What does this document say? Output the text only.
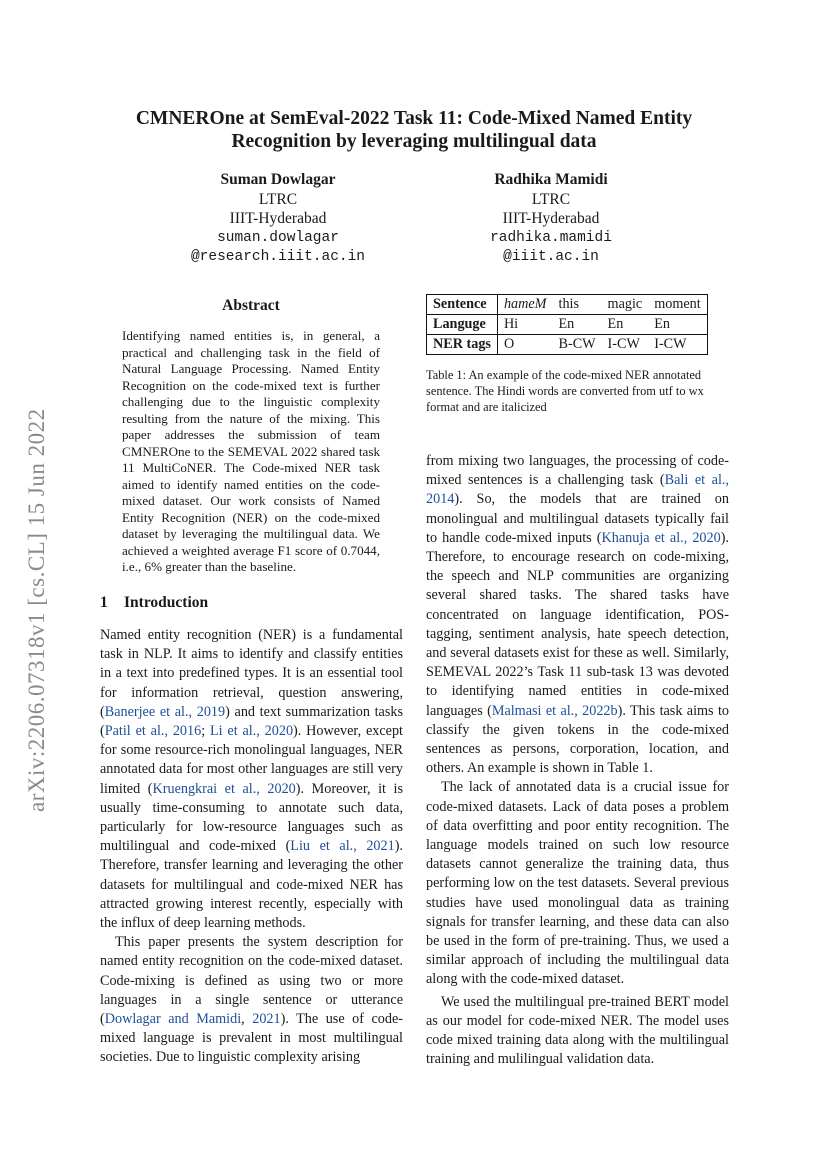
arXiv:2206.07318v1 [cs.CL] 15 Jun 2022
CMNEROne at SemEval-2022 Task 11: Code-Mixed Named Entity
Recognition by leveraging multilingual data
Suman Dowlagar
LTRC
IIIT-Hyderabad
suman.dowlagar
@research.iiit.ac.in
Radhika Mamidi
LTRC
IIIT-Hyderabad
radhika.mamidi
@iiit.ac.in
Abstract
Identifying named entities is, in general, a practical and challenging task in the field of Natural Language Processing. Named Entity Recognition on the code-mixed text is further challenging due to the linguistic complexity resulting from the nature of the mixing. This paper addresses the submission of team CMNEROne to the SEMEVAL 2022 shared task 11 MultiCoNER. The Code-mixed NER task aimed to identify named entities on the code-mixed dataset. Our work consists of Named Entity Recognition (NER) on the code-mixed dataset by leveraging the multilingual data. We achieved a weighted average F1 score of 0.7044, i.e., 6% greater than the baseline.
1 Introduction

Named entity recognition (NER) is a fundamental task in NLP. It aims to identify and classify entities in a text into predefined types. It is an essential tool for information retrieval, question answering, (Banerjee et al., 2019) and text summarization tasks (Patil et al., 2016; Li et al., 2020). However, except for some resource-rich monolingual languages, NER annotated data for most other languages are still very limited (Kruengkrai et al., 2020). Moreover, it is usually time-consuming to annotate such data, particularly for low-resource languages such as multilingual and code-mixed (Liu et al., 2021). Therefore, transfer learning and leveraging the other datasets for multilingual and code-mixed NER has attracted growing interest recently, especially with the influx of deep learning methods.

This paper presents the system description for named entity recognition on the code-mixed dataset. Code-mixing is defined as using two or more languages in a single sentence or utterance (Dowlagar and Mamidi, 2021). The use of code-mixed language is prevalent in most multilingual societies. Due to linguistic complexity arising

Sentence	hameM	this	magic	moment
Languge	Hi	En	En	En
NER tags	O	B-CW	I-CW	I-CW
Table 1: An example of the code-mixed NER annotated sentence. The Hindi words are converted from utf to wx format and are italicized

from mixing two languages, the processing of code-mixed sentences is a challenging task (Bali et al., 2014). So, the models that are trained on monolingual and multilingual datasets typically fail to handle code-mixed inputs (Khanuja et al., 2020). Therefore, to encourage research on code-mixing, the speech and NLP communities are organizing several shared tasks. The shared tasks have concentrated on language identification, POS-tagging, sentiment analysis, hate speech detection, and several datasets exist for these as well. Similarly, SEMEVAL 2022’s Task 11 sub-task 13 was devoted to identifying named entities in code-mixed languages (Malmasi et al., 2022b). This task aims to classify the given tokens in the code-mixed sentences as persons, corporation, location, and others. An example is shown in Table 1.

The lack of annotated data is a crucial issue for code-mixed datasets. Lack of data poses a problem of data overfitting and poor entity recognition. The language models trained on such low resource datasets cannot generalize the training data, thus performing low on the test datasets. Several previous studies have used monolingual data as training signals for transfer learning, and these data can also be used in the form of pre-training. Thus, we used a similar approach of including the multilingual data along with the code-mixed dataset.

We used the multilingual pre-trained BERT model as our model for code-mixed NER. The model uses code mixed training data along with the multilingual training and mulilingual validation data.
